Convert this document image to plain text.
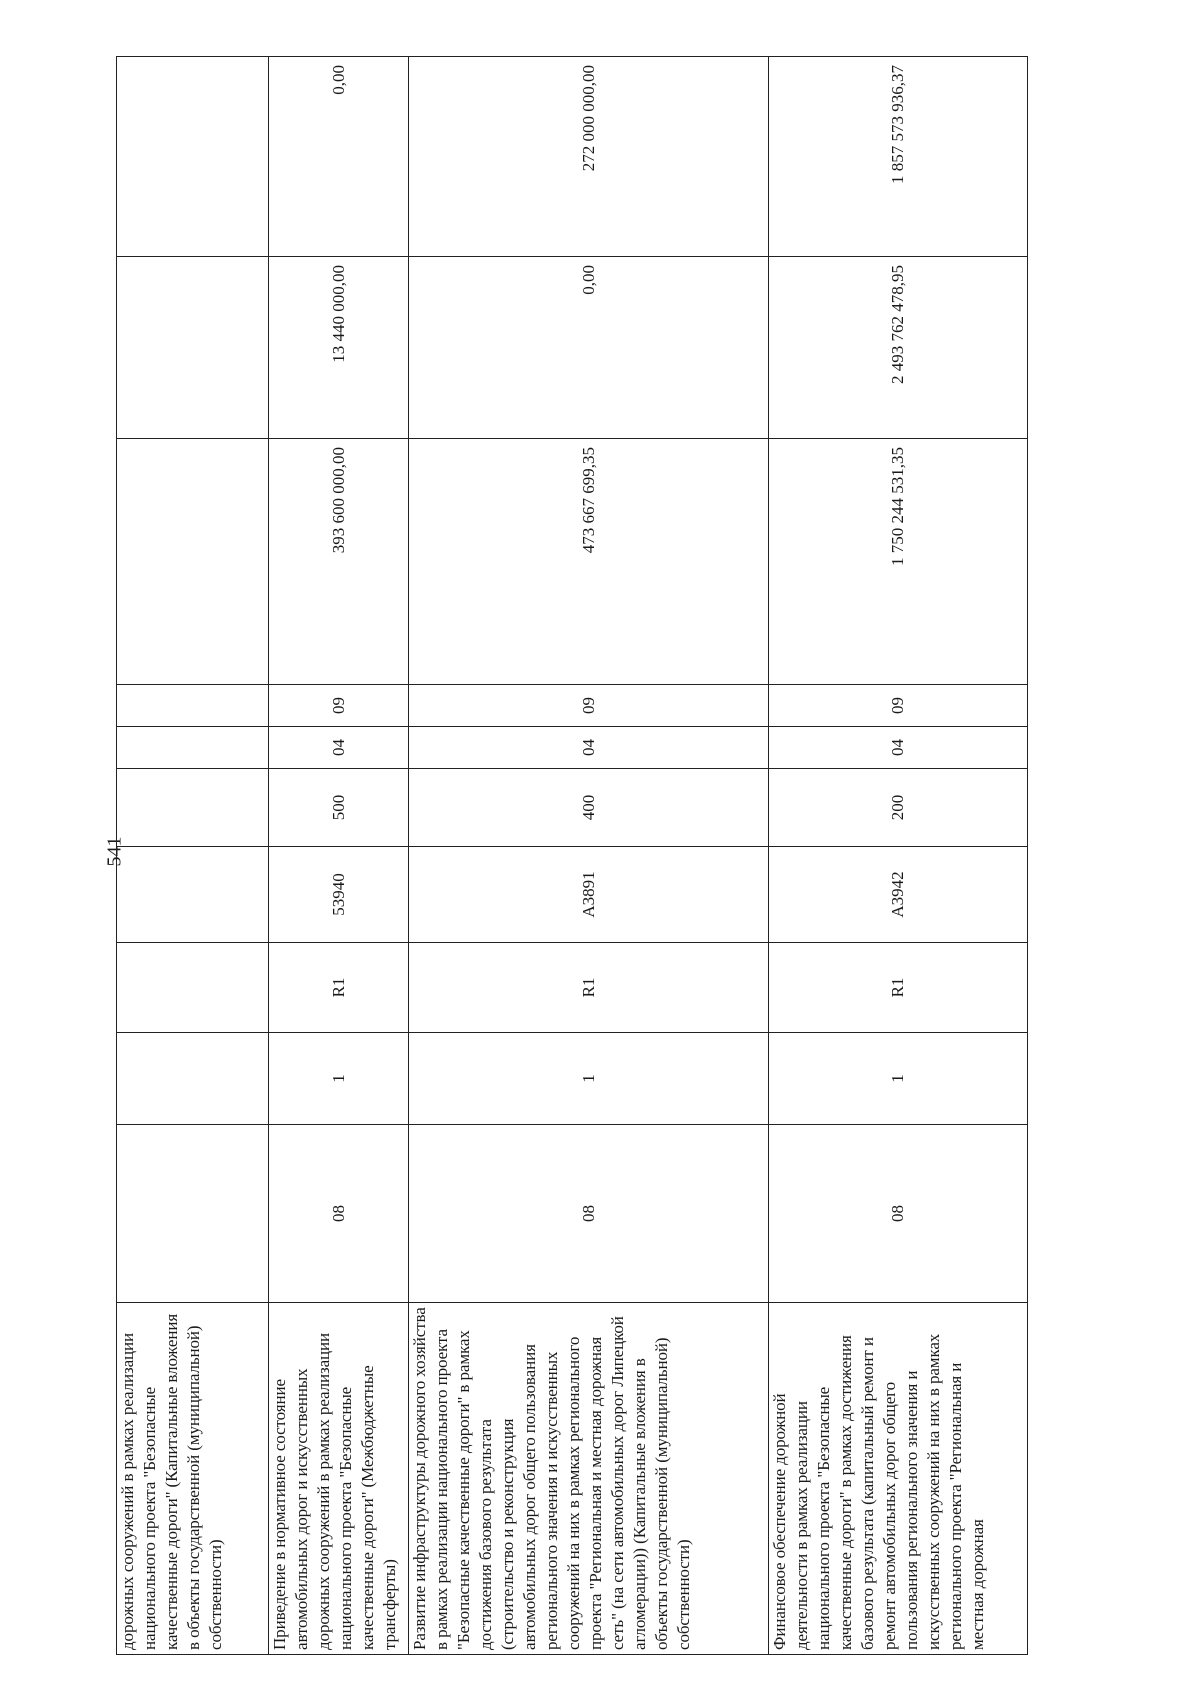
541
дорожных сооружений в рамках реализации национального проекта "Безопасные качественные дороги" (Капитальные вложения в объекты государственной (муниципальной) собственности)										
Приведение в нормативное состояние автомобильных дорог и искусственных дорожных сооружений в рамках реализации национального проекта "Безопасные качественные дороги" (Межбюджетные трансферты)	08	1	R1	53940	500	04	09	393 600 000,00	13 440 000,00	0,00
Развитие инфраструктуры дорожного хозяйства в рамках реализации национального проекта "Безопасные качественные дороги" в рамках достижения базового результата (строительство и реконструкция автомобильных дорог общего пользования регионального значения и искусственных сооружений на них в рамках регионального проекта "Региональная и местная дорожная сеть" (на сети автомобильных дорог Липецкой агломерации)) (Капитальные вложения в объекты государственной (муниципальной) собственности)	08	1	R1	А3891	400	04	09	473 667 699,35	0,00	272 000 000,00
Финансовое обеспечение дорожной деятельности в рамках реализации национального проекта "Безопасные качественные дороги" в рамках достижения базового результата (капитальный ремонт и ремонт автомобильных дорог общего пользования регионального значения и искусственных сооружений на них в рамках регионального проекта "Региональная и местная дорожная	08	1	R1	А3942	200	04	09	1 750 244 531,35	2 493 762 478,95	1 857 573 936,37
